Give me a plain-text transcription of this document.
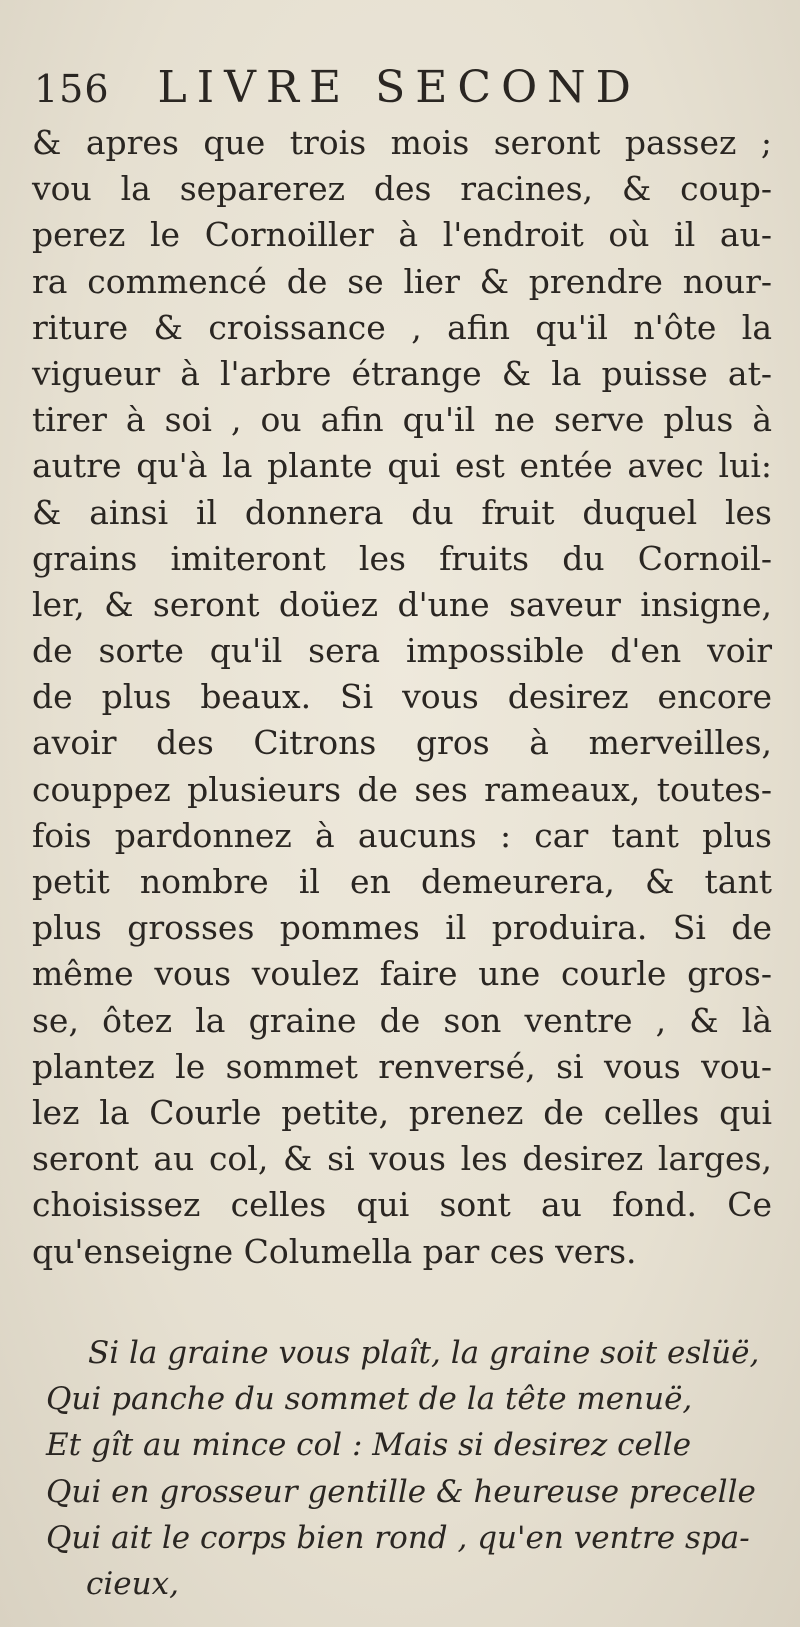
156 LIVRE SECOND
& apres que trois mois seront passez ;
vou la separerez des racines, & coup-
perez le Cornoiller à l'endroit où il au-
ra commencé de se lier & prendre nour-
riture & croissance , afin qu'il n'ôte la
vigueur à l'arbre étrange & la puisse at-
tirer à soi , ou afin qu'il ne serve plus à
autre qu'à la plante qui est entée avec lui:
& ainsi il donnera du fruit duquel les
grains imiteront les fruits du Cornoil-
ler, & seront doüez d'une saveur insigne,
de sorte qu'il sera impossible d'en voir
de plus beaux. Si vous desirez encore
avoir des Citrons gros à merveilles,
couppez plusieurs de ses rameaux, toutes-
fois pardonnez à aucuns : car tant plus
petit nombre il en demeurera, & tant
plus grosses pommes il produira. Si de
même vous voulez faire une courle gros-
se, ôtez la graine de son ventre , & là
plantez le sommet renversé, si vous vou-
lez la Courle petite, prenez de celles qui
seront au col, & si vous les desirez larges,
choisissez celles qui sont au fond. Ce
qu'enseigne Columella par ces vers.
Si la graine vous plaît, la graine soit eslüë,
Qui panche du sommet de la tête menuë,
Et gît au mince col : Mais si desirez celle
Qui en grosseur gentille & heureuse precelle
Qui ait le corps bien rond , qu'en ventre spa-
cieux,
